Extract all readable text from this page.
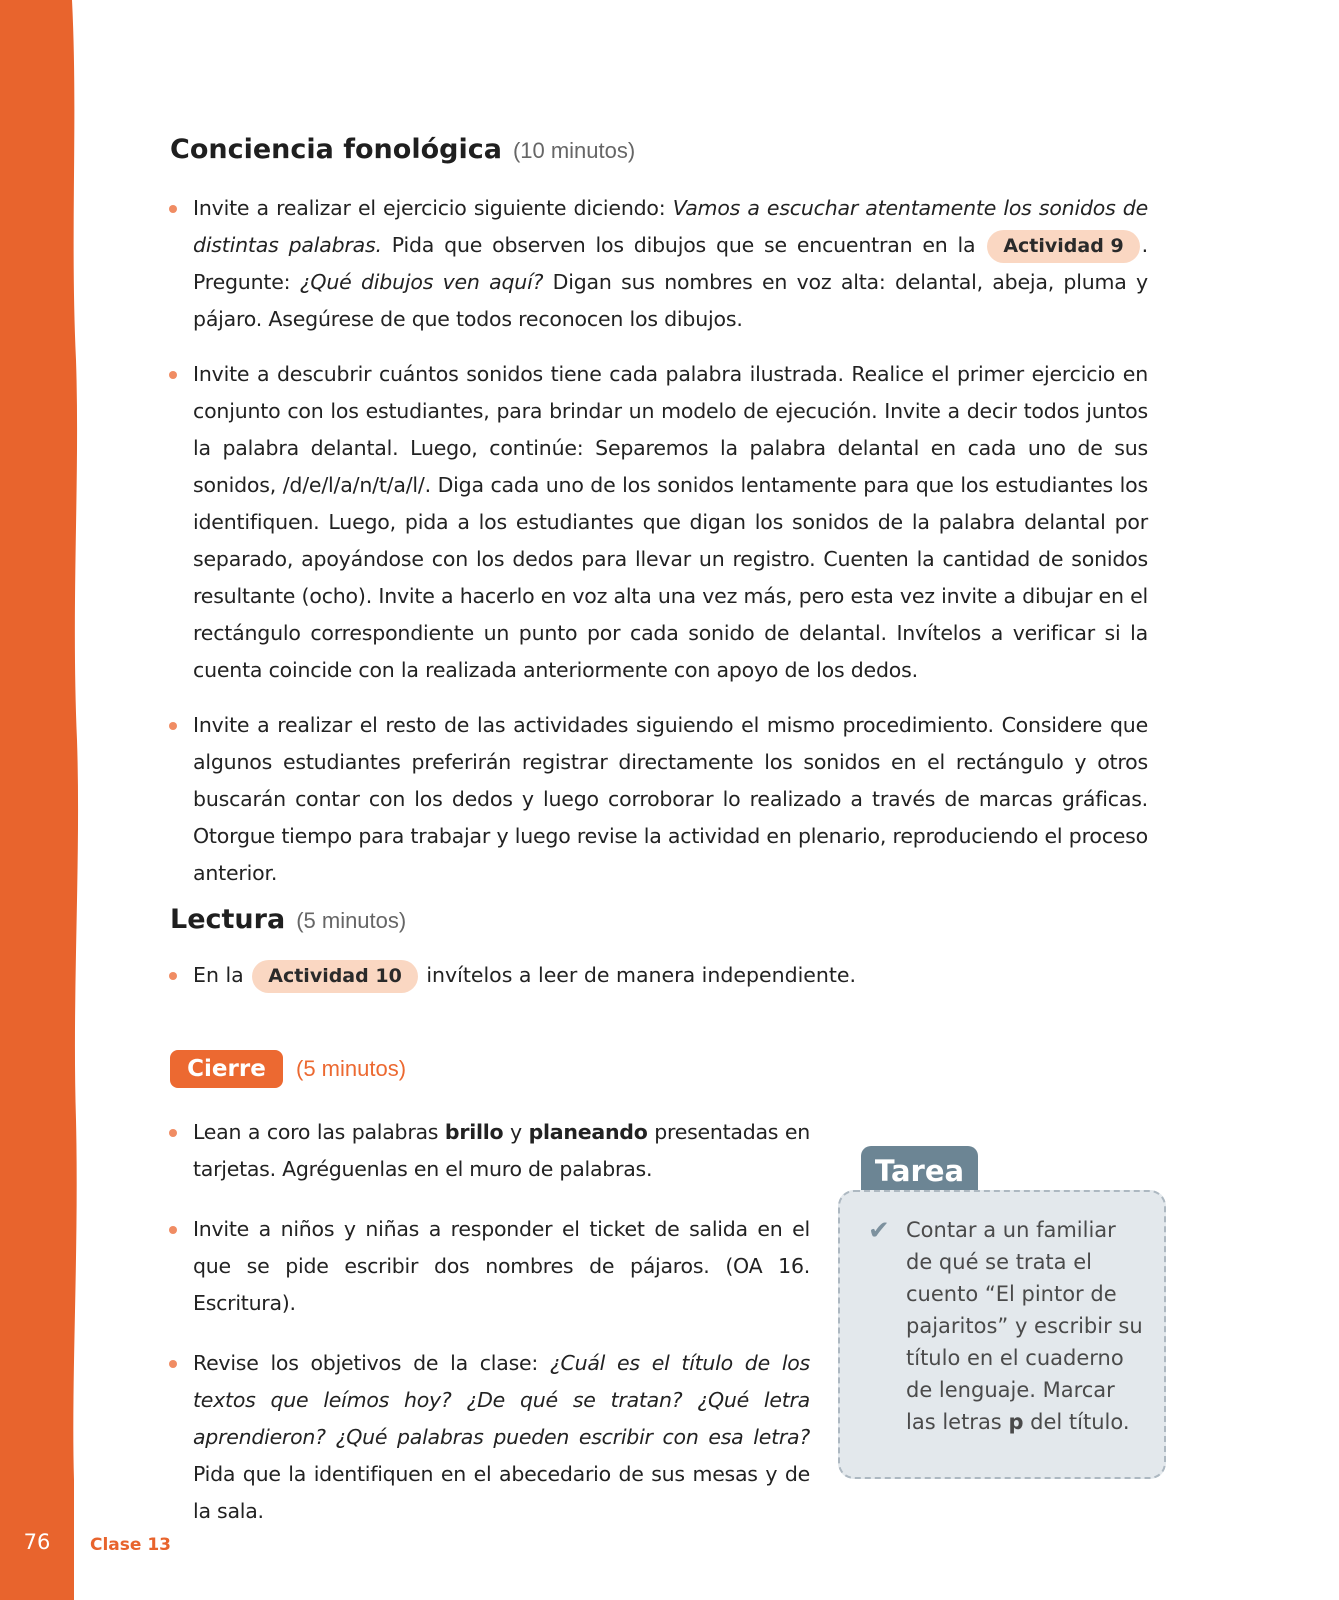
76	Clase 13
Conciencia fonológica (10 minutos)
Invite a realizar el ejercicio siguiente diciendo: Vamos a escuchar atentamente los sonidos de distintas palabras. Pida que observen los dibujos que se encuentran en la Actividad 9 . Pregunte: ¿Qué dibujos ven aquí? Digan sus nombres en voz alta: delantal, abeja, pluma y pájaro. Asegúrese de que todos reconocen los dibujos.
Invite a descubrir cuántos sonidos tiene cada palabra ilustrada. Realice el primer ejercicio en conjunto con los estudiantes, para brindar un modelo de ejecución. Invite a decir todos juntos la palabra delantal. Luego, continúe: Separemos la palabra delantal en cada uno de sus sonidos, /d/e/l/a/n/t/a/l/. Diga cada uno de los sonidos lentamente para que los estudiantes los identifiquen. Luego, pida a los estudiantes que digan los sonidos de la palabra delantal por separado, apoyándose con los dedos para llevar un registro. Cuenten la cantidad de sonidos resultante (ocho). Invite a hacerlo en voz alta una vez más, pero esta vez invite a dibujar en el rectángulo correspondiente un punto por cada sonido de delantal. Invítelos a verificar si la cuenta coincide con la realizada anteriormente con apoyo de los dedos.
Invite a realizar el resto de las actividades siguiendo el mismo procedimiento. Considere que algunos estudiantes preferirán registrar directamente los sonidos en el rectángulo y otros buscarán contar con los dedos y luego corroborar lo realizado a través de marcas gráficas. Otorgue tiempo para trabajar y luego revise la actividad en plenario, reproduciendo el proceso anterior.
Lectura (5 minutos)
En la Actividad 10 invítelos a leer de manera independiente.
Cierre	(5 minutos)
Lean a coro las palabras brillo y planeando presentadas en tarjetas. Agréguenlas en el muro de palabras.
Invite a niños y niñas a responder el ticket de salida en el que se pide escribir dos nombres de pájaros. (OA 16. Escritura).
Revise los objetivos de la clase: ¿Cuál es el título de los textos que leímos hoy? ¿De qué se tratan? ¿Qué letra aprendieron? ¿Qué palabras pueden escribir con esa letra? Pida que la identifiquen en el abecedario de sus mesas y de la sala.
Tarea
✔ Contar a un familiar de qué se trata el cuento “El pintor de pajaritos” y escribir su título en el cuaderno de lenguaje. Marcar las letras p del título.
